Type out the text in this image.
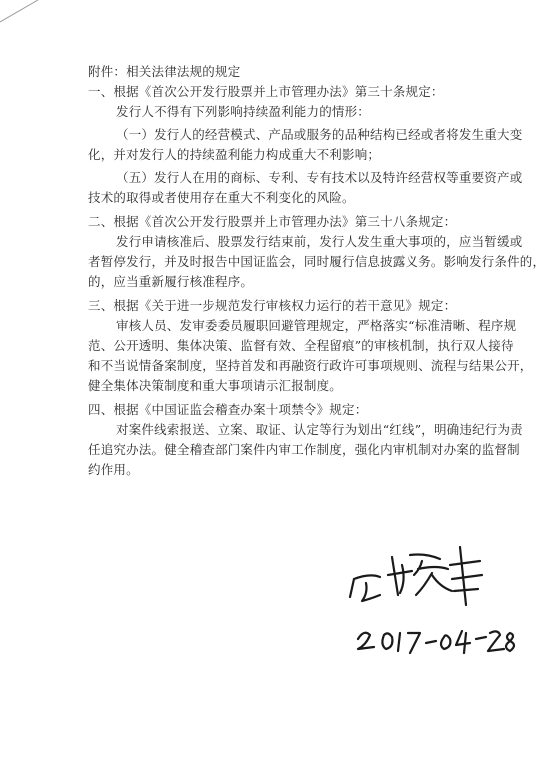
附件：相关法律法规的规定
一、根据《首次公开发行股票并上市管理办法》第三十条规定：
发行人不得有下列影响持续盈利能力的情形：
（一）发行人的经营模式、产品或服务的品种结构已经或者将发生重大变
化，并对发行人的持续盈利能力构成重大不利影响；
（五）发行人在用的商标、专利、专有技术以及特许经营权等重要资产或
技术的取得或者使用存在重大不利变化的风险。
二、根据《首次公开发行股票并上市管理办法》第三十八条规定：
发行申请核准后、股票发行结束前，发行人发生重大事项的，应当暂缓或
者暂停发行，并及时报告中国证监会，同时履行信息披露义务。影响发行条件的，
的，应当重新履行核准程序。
三、根据《关于进一步规范发行审核权力运行的若干意见》规定：
审核人员、发审委委员履职回避管理规定，严格落实“标准清晰、程序规
范、公开透明、集体决策、监督有效、全程留痕”的审核机制，执行双人接待
和不当说情备案制度，坚持首发和再融资行政许可事项规则、流程与结果公开，
健全集体决策制度和重大事项请示汇报制度。
四、根据《中国证监会稽查办案十项禁令》规定：
对案件线索报送、立案、取证、认定等行为划出“红线”，明确违纪行为责
任追究办法。健全稽查部门案件内审工作制度，强化内审机制对办案的监督制
约作用。
